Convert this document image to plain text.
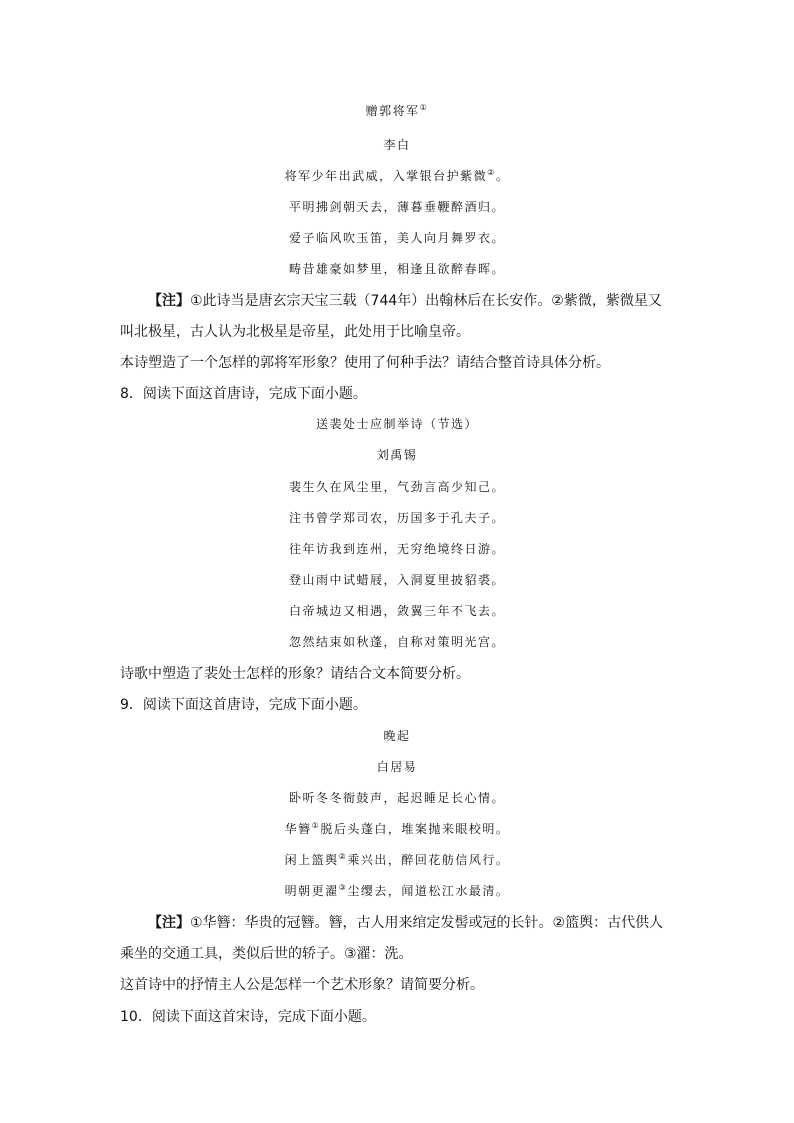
赠郭将军①
李白
将军少年出武威，入掌银台护紫微②。
平明拂剑朝天去，薄暮垂鞭醉酒归。
爱子临风吹玉笛，美人向月舞罗衣。
畴昔雄豪如梦里，相逢且欲醉春晖。
【注】①此诗当是唐玄宗天宝三载（744年）出翰林后在长安作。②紫微，紫微星又
叫北极星，古人认为北极星是帝星，此处用于比喻皇帝。
本诗塑造了一个怎样的郭将军形象？使用了何种手法？请结合整首诗具体分析。
8．阅读下面这首唐诗，完成下面小题。
送裴处士应制举诗（节选）
刘禹锡
裴生久在风尘里，气劲言高少知己。
注书曾学郑司农，历国多于孔夫子。
往年访我到连州，无穷绝境终日游。
登山雨中试蜡屐，入洞夏里披貂裘。
白帝城边又相遇，敛翼三年不飞去。
忽然结束如秋蓬，自称对策明光宫。
诗歌中塑造了裴处士怎样的形象？请结合文本简要分析。
9．阅读下面这首唐诗，完成下面小题。
晚起
白居易
卧听冬冬衙鼓声，起迟睡足长心情。
华簪①脱后头蓬白，堆案抛来眼校明。
闲上篮舆②乘兴出，醉回花舫信风行。
明朝更濯③尘缨去，闻道松江水最清。
【注】①华簪：华贵的冠簪。簪，古人用来绾定发髻或冠的长针。②篮舆：古代供人
乘坐的交通工具，类似后世的轿子。③濯：洗。
这首诗中的抒情主人公是怎样一个艺术形象？请简要分析。
10．阅读下面这首宋诗，完成下面小题。
